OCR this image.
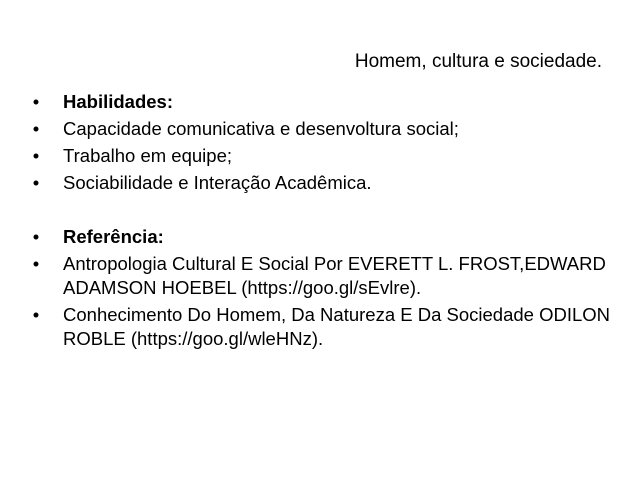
Homem, cultura e sociedade.
• Habilidades:
• Capacidade comunicativa e desenvoltura social;
• Trabalho em equipe;
• Sociabilidade e Interação Acadêmica.
• Referência:
• Antropologia Cultural E Social Por EVERETT L. FROST,EDWARD ADAMSON HOEBEL (https://goo.gl/sEvlre).
• Conhecimento Do Homem, Da Natureza E Da Sociedade ODILON ROBLE (https://goo.gl/wleHNz).
